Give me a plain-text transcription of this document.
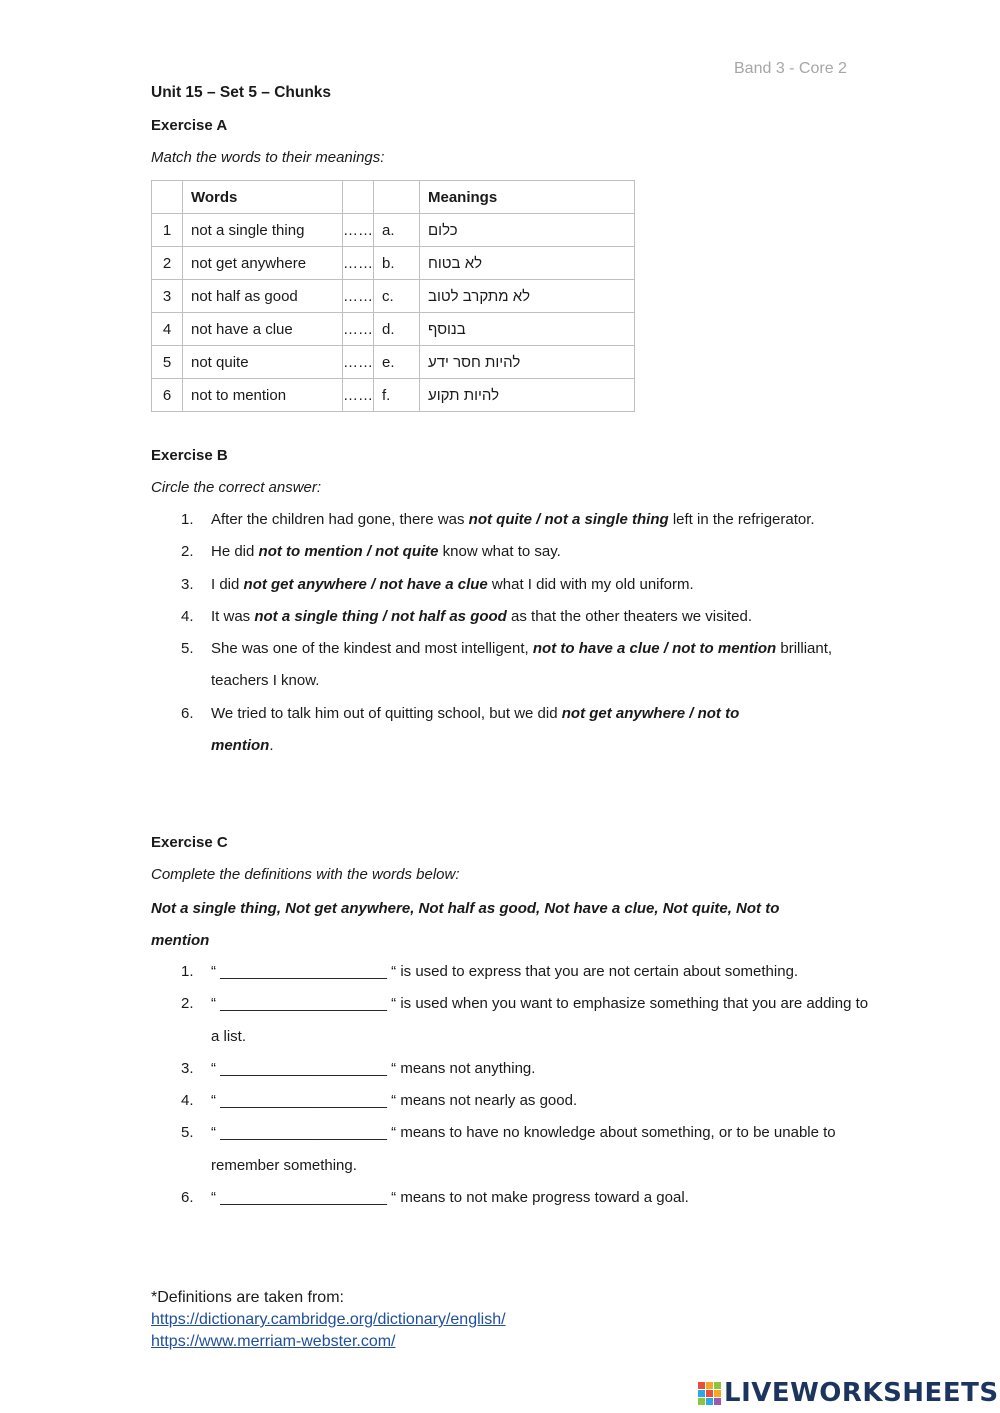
Band 3 - Core 2
Unit 15 – Set 5 – Chunks
Exercise A
Match the words to their meanings:
	Words			Meanings
1	not a single thing	……	a.	כלום
2	not get anywhere	……	b.	לא בטוח
3	not half as good	……	c.	לא מתקרב לטוב
4	not have a clue	……	d.	בנוסף
5	not quite	……	e.	להיות חסר ידע
6	not to mention	……	f.	להיות תקוע
Exercise B
Circle the correct answer:
1. After the children had gone, there was not quite / not a single thing left in the refrigerator.
2. He did not to mention / not quite know what to say.
3. I did not get anywhere / not have a clue what I did with my old uniform.
4. It was not a single thing / not half as good as that the other theaters we visited.
5. She was one of the kindest and most intelligent, not to have a clue / not to mention brilliant, teachers I know.
6. We tried to talk him out of quitting school, but we did not get anywhere / not to mention.
Exercise C
Complete the definitions with the words below:
Not a single thing, Not get anywhere, Not half as good, Not have a clue, Not quite, Not to mention
1. “ ____________________ “ is used to express that you are not certain about something.
2. “ ____________________ “ is used when you want to emphasize something that you are adding to a list.
3. “ ____________________ “ means not anything.
4. “ ____________________ “ means not nearly as good.
5. “ ____________________ “ means to have no knowledge about something, or to be unable to remember something.
6. “ ____________________ “ means to not make progress toward a goal.
*Definitions are taken from:
https://dictionary.cambridge.org/dictionary/english/
https://www.merriam-webster.com/
LIVEWORKSHEETS
